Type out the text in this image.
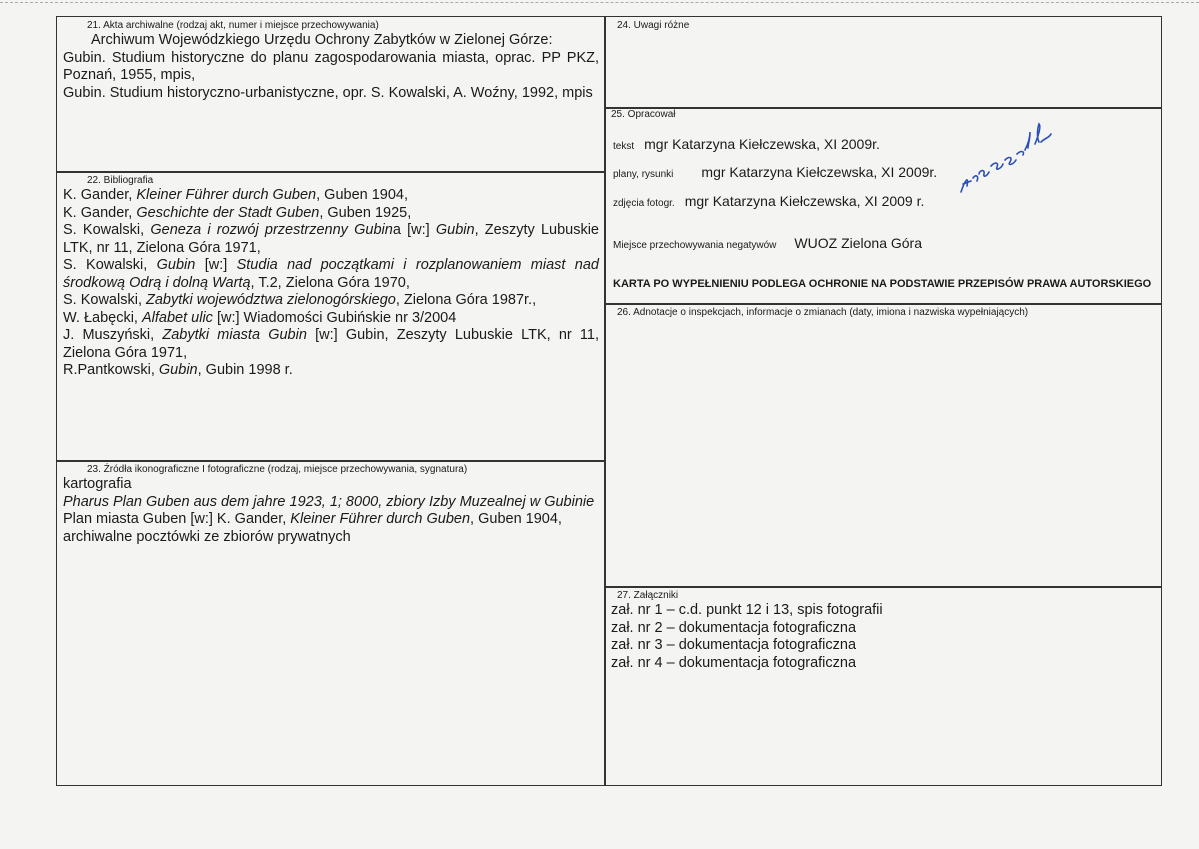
21. Akta archiwalne (rodzaj akt, numer i miejsce przechowywania)

Archiwum Wojewódzkiego Urzędu Ochrony Zabytków w Zielonej Górze:

Gubin. Studium historyczne do planu zagospodarowania miasta, oprac. PP PKZ, Poznań, 1955, mpis,

Gubin. Studium historyczno-urbanistyczne, opr. S. Kowalski, A. Woźny, 1992, mpis

22. Bibliografia

K. Gander, Kleiner Führer durch Guben, Guben 1904,

K. Gander, Geschichte der Stadt Guben, Guben 1925,

S. Kowalski, Geneza i rozwój przestrzenny Gubina [w:] Gubin, Zeszyty Lubuskie LTK, nr 11, Zielona Góra 1971,

S. Kowalski, Gubin [w:] Studia nad początkami i rozplanowaniem miast nad środkową Odrą i dolną Wartą, T.2, Zielona Góra 1970,

S. Kowalski, Zabytki województwa zielonogórskiego, Zielona Góra 1987r.,

W. Łabęcki, Alfabet ulic [w:] Wiadomości Gubińskie nr 3/2004

J. Muszyński, Zabytki miasta Gubin [w:] Gubin, Zeszyty Lubuskie LTK, nr 11, Zielona Góra 1971,

R.Pantkowski, Gubin, Gubin 1998 r.

23. Źródła ikonograficzne I fotograficzne (rodzaj, miejsce przechowywania, sygnatura)

kartografia

Pharus Plan Guben aus dem jahre 1923, 1; 8000, zbiory Izby Muzealnej w Gubinie

Plan miasta Guben [w:] K. Gander, Kleiner Führer durch Guben, Guben 1904,

archiwalne pocztówki ze zbiorów prywatnych

24. Uwagi różne
25. Opracował
tekst mgr Katarzyna Kiełczewska, XI 2009r.
plany, rysunki mgr Katarzyna Kiełczewska, XI 2009r.
zdjęcia fotogr. mgr Katarzyna Kiełczewska, XI 2009 r.
Miejsce przechowywania negatywów WUOZ Zielona Góra
KARTA PO WYPEŁNIENIU PODLEGA OCHRONIE NA PODSTAWIE PRZEPISÓW PRAWA AUTORSKIEGO
26. Adnotacje o inspekcjach, informacje o zmianach (daty, imiona i nazwiska wypełniających)
27. Załączniki

zał. nr 1 – c.d. punkt 12 i 13, spis fotografii

zał. nr 2 – dokumentacja fotograficzna

zał. nr 3 – dokumentacja fotograficzna

zał. nr 4 – dokumentacja fotograficzna
